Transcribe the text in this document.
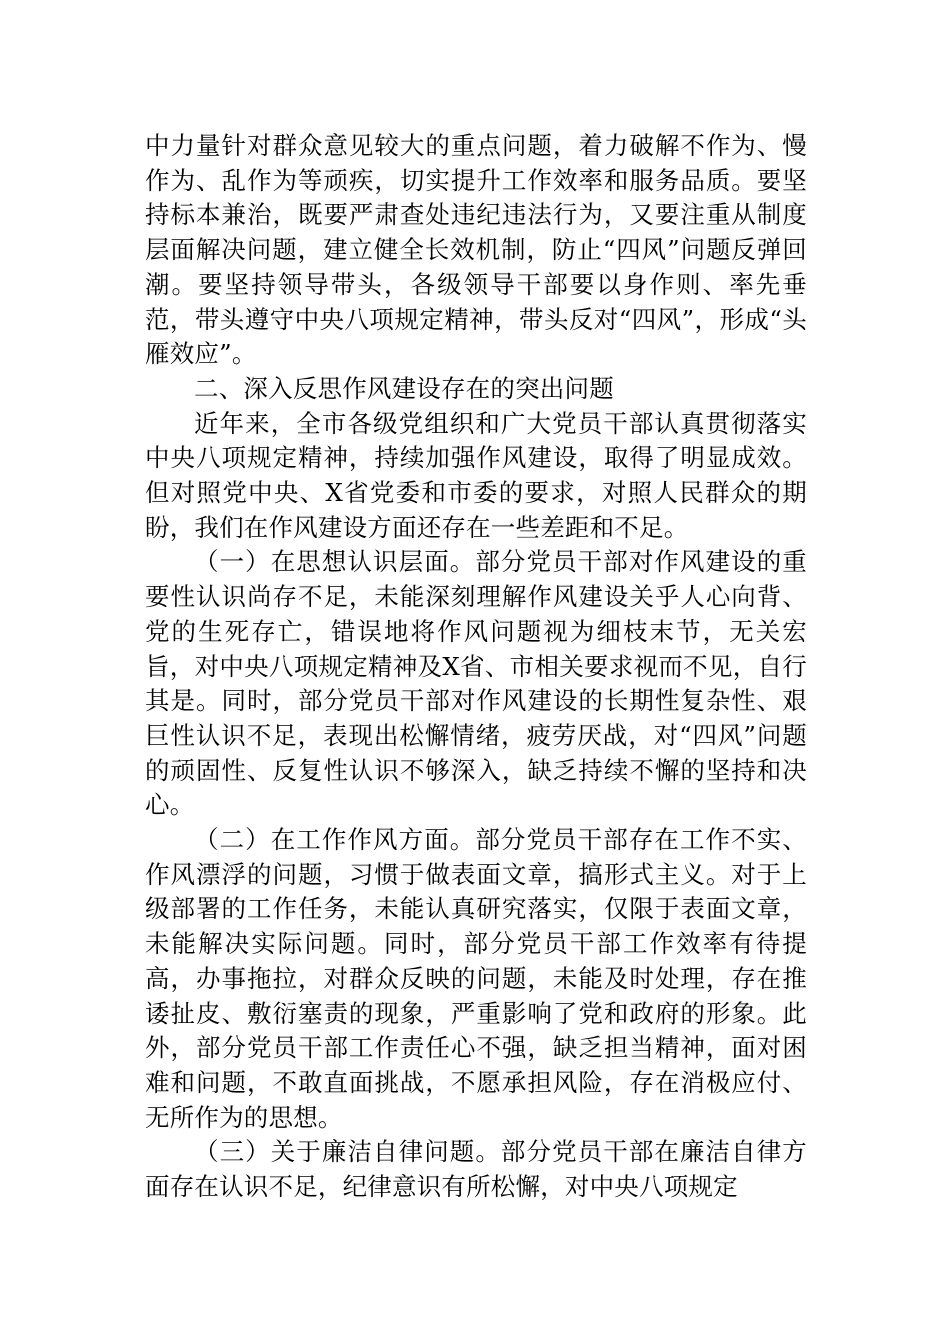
中力量针对群众意见较大的重点问题，着力破解不作为、慢作为、乱作为等顽疾，切实提升工作效率和服务品质。要坚持标本兼治，既要严肃查处违纪违法行为，又要注重从制度层面解决问题，建立健全长效机制，防止“四风”问题反弹回潮。要坚持领导带头，各级领导干部要以身作则、率先垂范，带头遵守中央八项规定精神，带头反对“四风”，形成“头雁效应”。

二、深入反思作风建设存在的突出问题

近年来，全市各级党组织和广大党员干部认真贯彻落实中央八项规定精神，持续加强作风建设，取得了明显成效。但对照党中央、X省党委和市委的要求，对照人民群众的期盼，我们在作风建设方面还存在一些差距和不足。

（一）在思想认识层面。部分党员干部对作风建设的重要性认识尚存不足，未能深刻理解作风建设关乎人心向背、党的生死存亡，错误地将作风问题视为细枝末节，无关宏旨，对中央八项规定精神及X省、市相关要求视而不见，自行其是。同时，部分党员干部对作风建设的长期性复杂性、艰巨性认识不足，表现出松懈情绪，疲劳厌战，对“四风”问题的顽固性、反复性认识不够深入，缺乏持续不懈的坚持和决心。

（二）在工作作风方面。部分党员干部存在工作不实、作风漂浮的问题，习惯于做表面文章，搞形式主义。对于上级部署的工作任务，未能认真研究落实，仅限于表面文章，未能解决实际问题。同时，部分党员干部工作效率有待提高，办事拖拉，对群众反映的问题，未能及时处理，存在推诿扯皮、敷衍塞责的现象，严重影响了党和政府的形象。此外，部分党员干部工作责任心不强，缺乏担当精神，面对困难和问题，不敢直面挑战，不愿承担风险，存在消极应付、无所作为的思想。

（三）关于廉洁自律问题。部分党员干部在廉洁自律方面存在认识不足，纪律意识有所松懈，对中央八项规定
